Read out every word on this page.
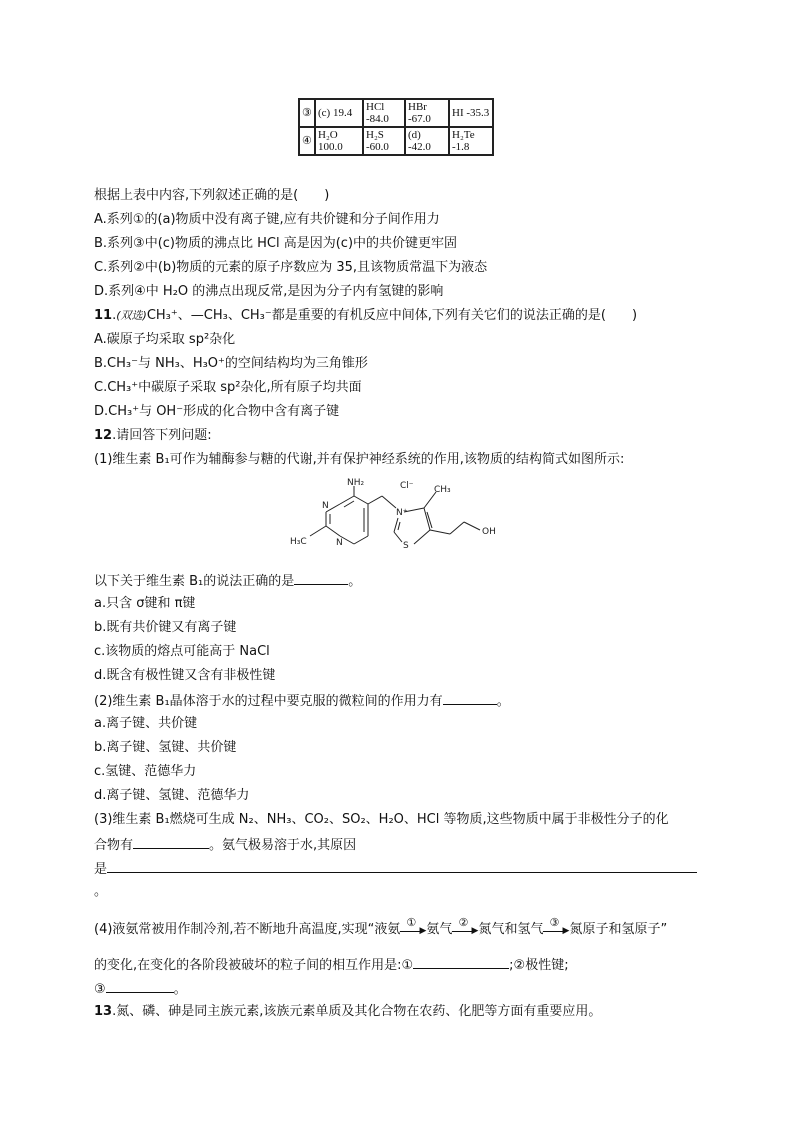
③	(c) 19.4	HCl -84.0	HBr -67.0	HI -35.3
④	H₂O 100.0	H₂S -60.0	(d) -42.0	H₂Te -1.8
根据上表中内容,下列叙述正确的是(　　)
A.系列①的(a)物质中没有离子键,应有共价键和分子间作用力
B.系列③中(c)物质的沸点比 HCl 高是因为(c)中的共价键更牢固
C.系列②中(b)物质的元素的原子序数应为 35,且该物质常温下为液态
D.系列④中 H₂O 的沸点出现反常,是因为分子内有氢键的影响
11.(双选)CH₃⁺、—CH₃、CH₃⁻都是重要的有机反应中间体,下列有关它们的说法正确的是(　　)
A.碳原子均采取 sp²杂化
B.CH₃⁻与 NH₃、H₃O⁺的空间结构均为三角锥形
C.CH₃⁺中碳原子采取 sp²杂化,所有原子均共面
D.CH₃⁺与 OH⁻形成的化合物中含有离子键
12.请回答下列问题:
(1)维生素 B₁可作为辅酶参与糖的代谢,并有保护神经系统的作用,该物质的结构简式如图所示:
NH₂
N
N
H₃C
N⁺
Cl⁻ CH₃
S
OH
以下关于维生素 B₁的说法正确的是	。
a.只含 σ键和 π键
b.既有共价键又有离子键
c.该物质的熔点可能高于 NaCl
d.既含有极性键又含有非极性键
(2)维生素 B₁晶体溶于水的过程中要克服的微粒间的作用力有	。
a.离子键、共价键
b.离子键、氢键、共价键
c.氢键、范德华力
d.离子键、氢键、范德华力
(3)维生素 B₁燃烧可生成 N₂、NH₃、CO₂、SO₂、H₂O、HCl 等物质,这些物质中属于非极性分子的化
合物有	。氨气极易溶于水,其原因
是
。
(4)液氨常被用作制冷剂,若不断地升高温度,实现“液氨 ①
▶ 氨气 ②
▶ 氮气和氢气 ③
▶ 氮原子和氢原子”
的变化,在变化的各阶段被破坏的粒子间的相互作用是:①	;②极性键;
③	。
13.氮、磷、砷是同主族元素,该族元素单质及其化合物在农药、化肥等方面有重要应用。
